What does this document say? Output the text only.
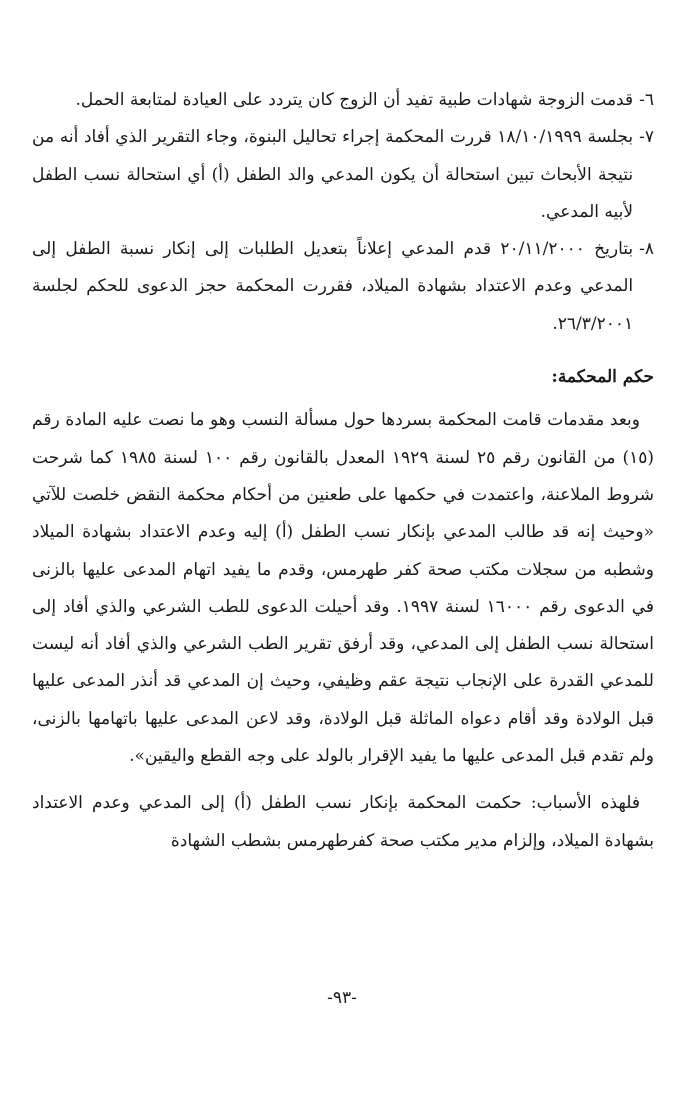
٦-
قدمت الزوجة شهادات طبية تفيد أن الزوج كان يتردد على العيادة لمتابعة الحمل.
٧-
بجلسة ١٨/١٠/١٩٩٩ قررت المحكمة إجراء تحاليل البنوة، وجاء التقرير الذي أفاد أنه من نتيجة الأبحاث تبين استحالة أن يكون المدعي والد الطفل (أ) أي استحالة نسب الطفل لأبيه المدعي.
٨-
بتاريخ ٢٠/١١/٢٠٠٠ قدم المدعي إعلاناً بتعديل الطلبات إلى إنكار نسبة الطفل إلى المدعي وعدم الاعتداد بشهادة الميلاد، فقررت المحكمة حجز الدعوى للحكم لجلسة ٢٦/٣/٢٠٠١.
حكم المحكمة:

وبعد مقدمات قامت المحكمة بسردها حول مسألة النسب وهو ما نصت عليه المادة رقم (١٥) من القانون رقم ٢٥ لسنة ١٩٢٩ المعدل بالقانون رقم ١٠٠ لسنة ١٩٨٥ كما شرحت شروط الملاعنة، واعتمدت في حكمها على طعنين من أحكام محكمة النقض خلصت للآتي «وحيث إنه قد طالب المدعي بإنكار نسب الطفل (أ) إليه وعدم الاعتداد بشهادة الميلاد وشطبه من سجلات مكتب صحة كفر طهرمس، وقدم ما يفيد اتهام المدعى عليها بالزنى في الدعوى رقم ١٦٠٠٠ لسنة ١٩٩٧. وقد أحيلت الدعوى للطب الشرعي والذي أفاد إلى استحالة نسب الطفل إلى المدعي، وقد أرفق تقرير الطب الشرعي والذي أفاد أنه ليست للمدعي القدرة على الإنجاب نتيجة عقم وظيفي، وحيث إن المدعي قد أنذر المدعى عليها قبل الولادة وقد أقام دعواه الماثلة قبل الولادة، وقد لاعن المدعى عليها باتهامها بالزنى، ولم تقدم قبل المدعى عليها ما يفيد الإقرار بالولد على وجه القطع واليقين».

فلهذه الأسباب: حكمت المحكمة بإنكار نسب الطفل (أ) إلى المدعي وعدم الاعتداد بشهادة الميلاد، وإلزام مدير مكتب صحة كفرطهرمس بشطب الشهادة

-٩٣-
